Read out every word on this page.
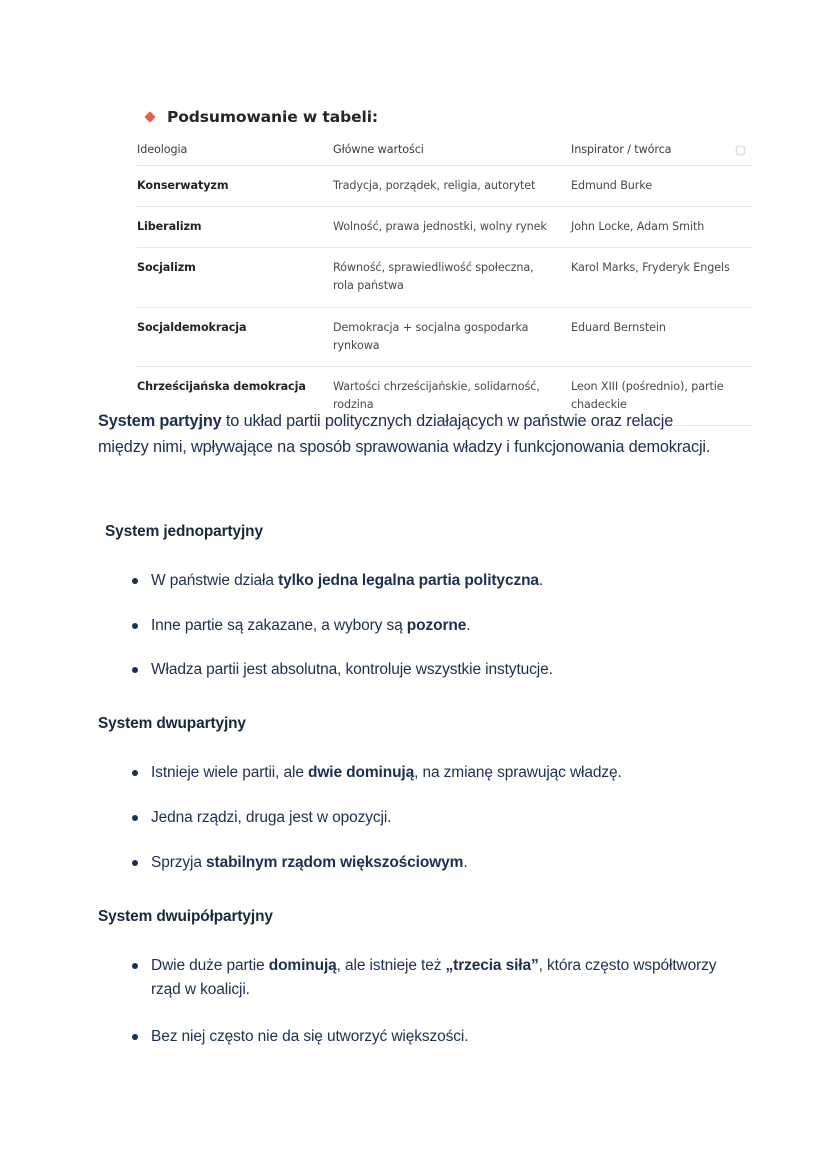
Podsumowanie w tabeli:
Ideologia	Główne wartości	Inspirator / twórca
Konserwatyzm	Tradycja, porządek, religia, autorytet	Edmund Burke
Liberalizm	Wolność, prawa jednostki, wolny rynek	John Locke, Adam Smith
Socjalizm	Równość, sprawiedliwość społeczna, rola państwa	Karol Marks, Fryderyk Engels
Socjaldemokracja	Demokracja + socjalna gospodarka rynkowa	Eduard Bernstein
Chrześcijańska demokracja	Wartości chrześcijańskie, solidarność, rodzina	Leon XIII (pośrednio), partie chadeckie

System partyjny to układ partii politycznych działających w państwie oraz relacje między nimi, wpływające na sposób sprawowania władzy i funkcjonowania demokracji.

System jednopartyjny
W państwie działa tylko jedna legalna partia polityczna.
Inne partie są zakazane, a wybory są pozorne.
Władza partii jest absolutna, kontroluje wszystkie instytucje.
System dwupartyjny
Istnieje wiele partii, ale dwie dominują, na zmianę sprawując władzę.
Jedna rządzi, druga jest w opozycji.
Sprzyja stabilnym rządom większościowym.
System dwuipółpartyjny
Dwie duże partie dominują, ale istnieje też „trzecia siła”, która często współtworzy rząd w koalicji.
Bez niej często nie da się utworzyć większości.
